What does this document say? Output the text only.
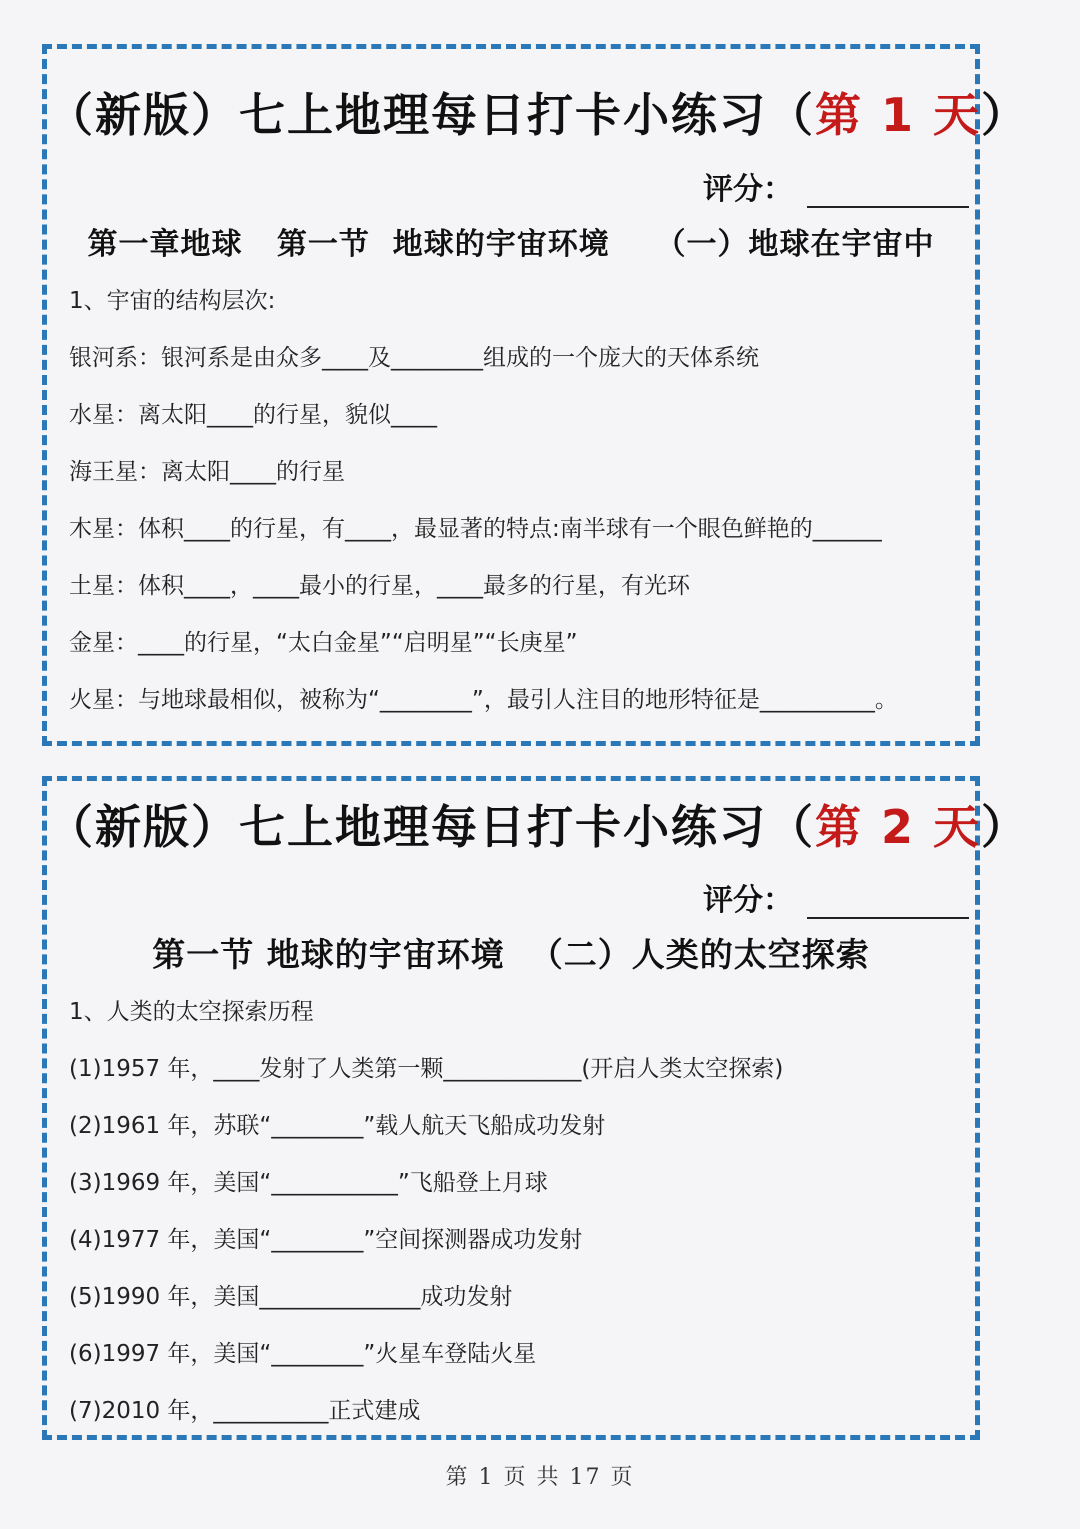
（新版）七上地理每日打卡小练习（第 1 天）
评分：
第一章地球   第一节  地球的宇宙环境    （一）地球在宇宙中
1、宇宙的结构层次:
银河系：银河系是由众多____及________组成的一个庞大的天体系统
水星：离太阳____的行星，貌似____
海王星：离太阳____的行星
木星：体积____的行星，有____，最显著的特点:南半球有一个眼色鲜艳的______
土星：体积____，____最小的行星，____最多的行星，有光环
金星：____的行星，“太白金星”“启明星”“长庚星”
火星：与地球最相似，被称为“________”，最引人注目的地形特征是__________。
（新版）七上地理每日打卡小练习（第 2 天）
评分：
第一节 地球的宇宙环境  （二）人类的太空探索
1、人类的太空探索历程
(1)1957 年，____发射了人类第一颗____________(开启人类太空探索)
(2)1961 年，苏联“________”载人航天飞船成功发射
(3)1969 年，美国“___________”飞船登上月球
(4)1977 年，美国“________”空间探测器成功发射
(5)1990 年，美国______________成功发射
(6)1997 年，美国“________”火星车登陆火星
(7)2010 年，__________正式建成
第 1 页 共 17 页
